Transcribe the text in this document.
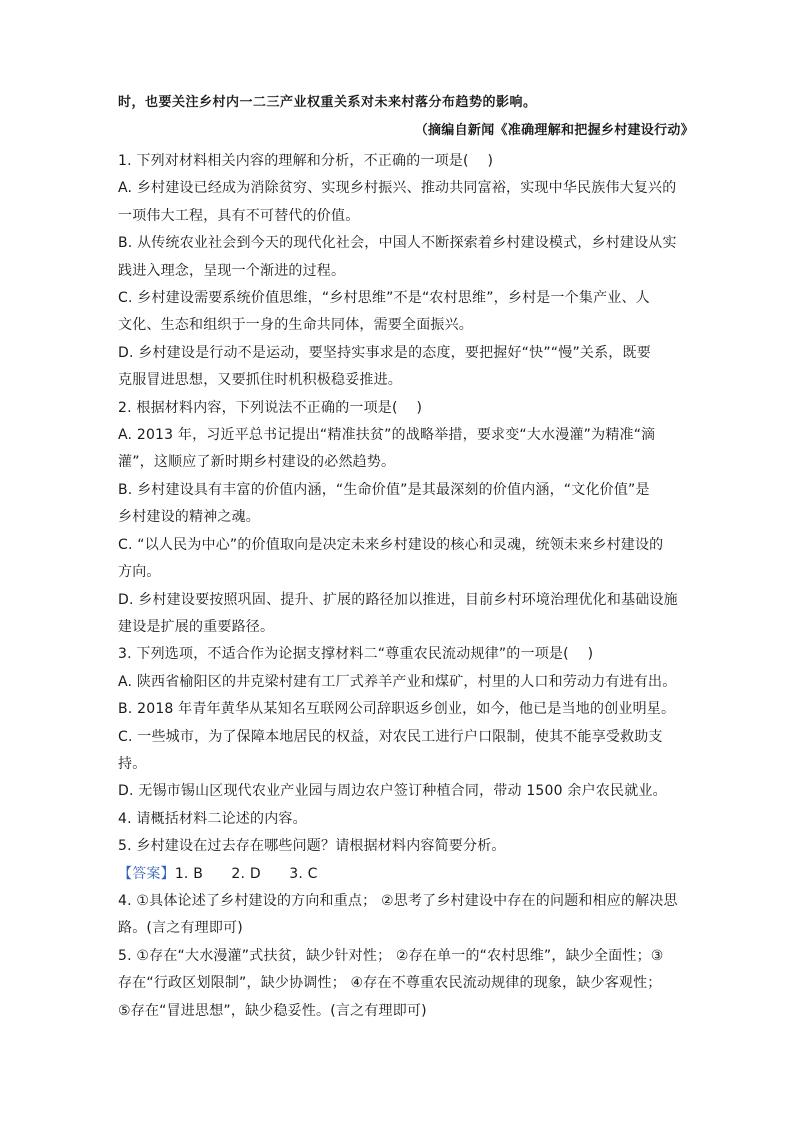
时，也要关注乡村内一二三产业权重关系对未来村落分布趋势的影响。
（摘编自新闻《准确理解和把握乡村建设行动》

1. 下列对材料相关内容的理解和分析，不正确的一项是(　 )

A. 乡村建设已经成为消除贫穷、实现乡村振兴、推动共同富裕，实现中华民族伟大复兴的

一项伟大工程，具有不可替代的价值。

B. 从传统农业社会到今天的现代化社会，中国人不断探索着乡村建设模式，乡村建设从实

践进入理念，呈现一个渐进的过程。

C. 乡村建设需要系统价值思维，“乡村思维”不是“农村思维”，乡村是一个集产业、人

文化、生态和组织于一身的生命共同体，需要全面振兴。

D. 乡村建设是行动不是运动，要坚持实事求是的态度，要把握好“快”“慢”关系，既要

克服冒进思想，又要抓住时机积极稳妥推进。

2. 根据材料内容，下列说法不正确的一项是(　 )

A. 2013 年，习近平总书记提出“精准扶贫”的战略举措，要求变“大水漫灌”为精准“滴

灌”，这顺应了新时期乡村建设的必然趋势。

B. 乡村建设具有丰富的价值内涵，“生命价值”是其最深刻的价值内涵，“文化价值”是

乡村建设的精神之魂。

C. “以人民为中心”的价值取向是决定未来乡村建设的核心和灵魂，统领未来乡村建设的

方向。

D. 乡村建设要按照巩固、提升、扩展的路径加以推进，目前乡村环境治理优化和基础设施

建设是扩展的重要路径。

3. 下列选项，不适合作为论据支撑材料二“尊重农民流动规律”的一项是(　 )

A. 陕西省榆阳区的井克梁村建有工厂式养羊产业和煤矿，村里的人口和劳动力有进有出。

B. 2018 年青年黄华从某知名互联网公司辞职返乡创业，如今，他已是当地的创业明星。

C. 一些城市，为了保障本地居民的权益，对农民工进行户口限制，使其不能享受救助支

持。

D. 无锡市锡山区现代农业产业园与周边农户签订种植合同，带动 1500 余户农民就业。

4. 请概括材料二论述的内容。

5. 乡村建设在过去存在哪些问题？请根据材料内容简要分析。

【答案】1. B　　2. D　　3. C

4. ①具体论述了乡村建设的方向和重点； ②思考了乡村建设中存在的问题和相应的解决思

路。(言之有理即可)

5. ①存在“大水漫灌”式扶贫，缺少针对性； ②存在单一的“农村思维”，缺少全面性；③

存在“行政区划限制”，缺少协调性； ④存在不尊重农民流动规律的现象，缺少客观性；

⑤存在“冒进思想”，缺少稳妥性。(言之有理即可)
